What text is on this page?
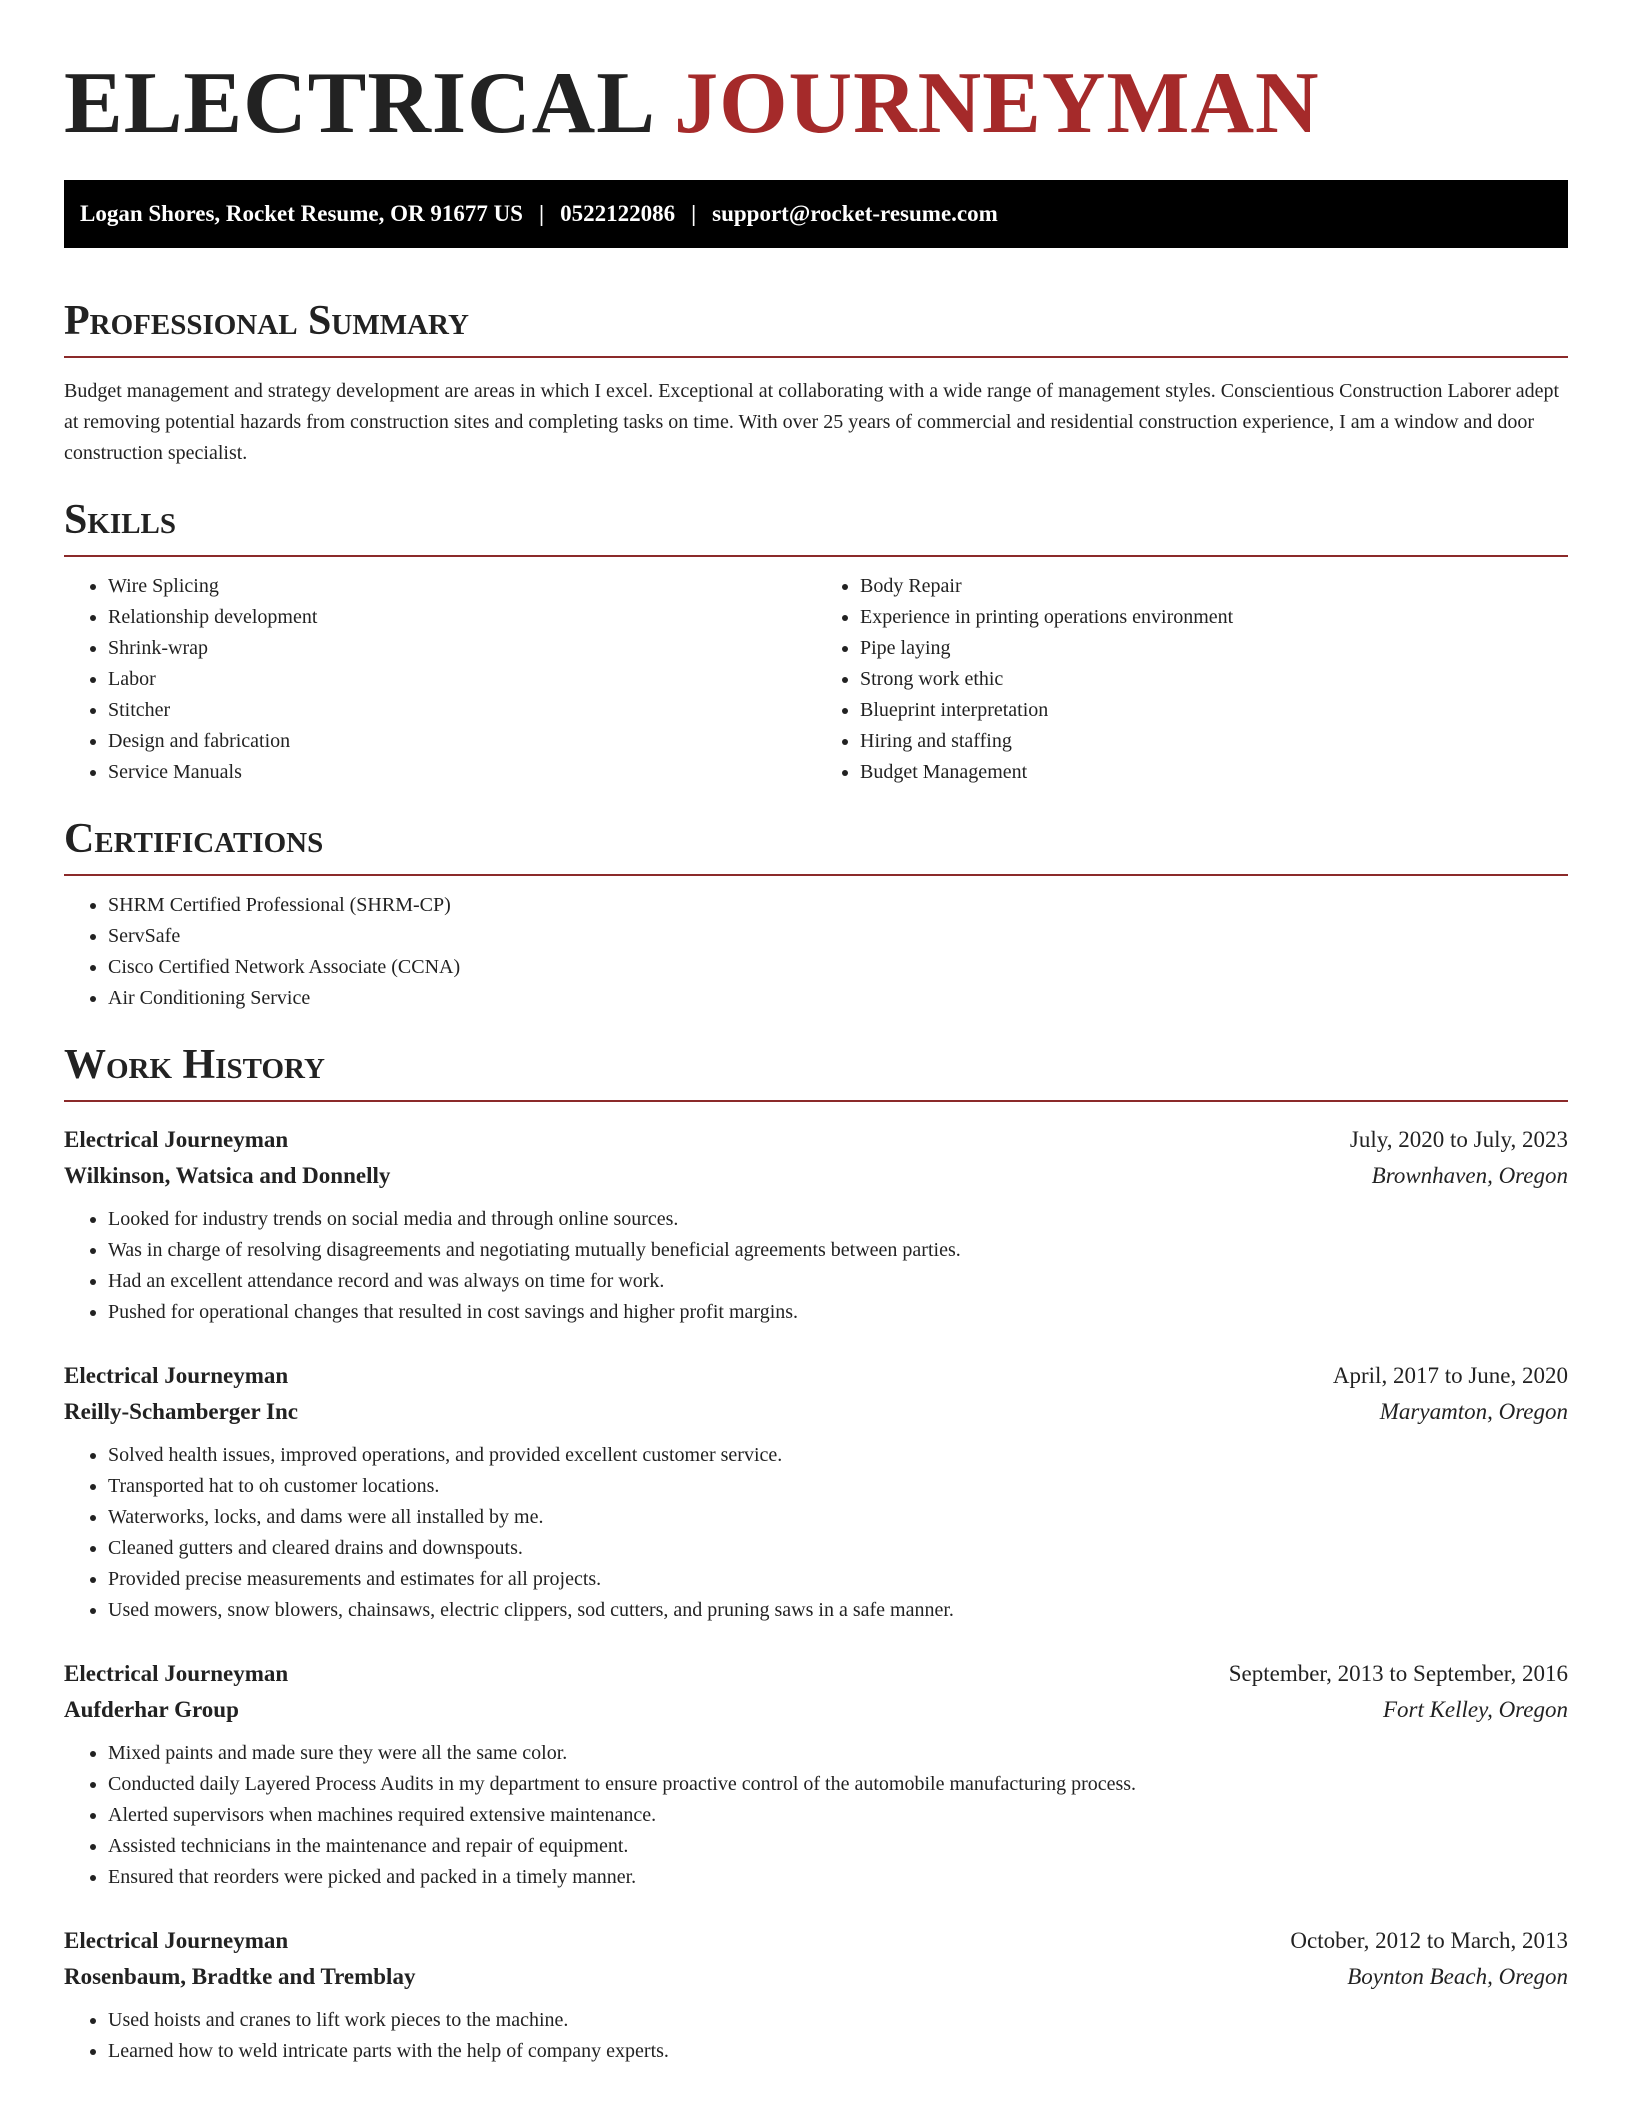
ELECTRICAL JOURNEYMAN
Logan Shores, Rocket Resume, OR 91677 US | 0522122086 | support@rocket-resume.com
Professional Summary
Budget management and strategy development are areas in which I excel. Exceptional at collaborating with a wide range of management styles. Conscientious Construction Laborer adept at removing potential hazards from construction sites and completing tasks on time. With over 25 years of commercial and residential construction experience, I am a window and door construction specialist.
Skills
• Wire Splicing
• Relationship development
• Shrink-wrap
• Labor
• Stitcher
• Design and fabrication
• Service Manuals
• Body Repair
• Experience in printing operations environment
• Pipe laying
• Strong work ethic
• Blueprint interpretation
• Hiring and staffing
• Budget Management
Certifications
• SHRM Certified Professional (SHRM-CP)
• ServSafe
• Cisco Certified Network Associate (CCNA)
• Air Conditioning Service
Work History
Electrical Journeyman	July, 2020 to July, 2023
Wilkinson, Watsica and Donnelly	Brownhaven, Oregon
• Looked for industry trends on social media and through online sources.
• Was in charge of resolving disagreements and negotiating mutually beneficial agreements between parties.
• Had an excellent attendance record and was always on time for work.
• Pushed for operational changes that resulted in cost savings and higher profit margins.
Electrical Journeyman	April, 2017 to June, 2020
Reilly-Schamberger Inc	Maryamton, Oregon
• Solved health issues, improved operations, and provided excellent customer service.
• Transported hat to oh customer locations.
• Waterworks, locks, and dams were all installed by me.
• Cleaned gutters and cleared drains and downspouts.
• Provided precise measurements and estimates for all projects.
• Used mowers, snow blowers, chainsaws, electric clippers, sod cutters, and pruning saws in a safe manner.
Electrical Journeyman	September, 2013 to September, 2016
Aufderhar Group	Fort Kelley, Oregon
• Mixed paints and made sure they were all the same color.
• Conducted daily Layered Process Audits in my department to ensure proactive control of the automobile manufacturing process.
• Alerted supervisors when machines required extensive maintenance.
• Assisted technicians in the maintenance and repair of equipment.
• Ensured that reorders were picked and packed in a timely manner.
Electrical Journeyman	October, 2012 to March, 2013
Rosenbaum, Bradtke and Tremblay	Boynton Beach, Oregon
• Used hoists and cranes to lift work pieces to the machine.
• Learned how to weld intricate parts with the help of company experts.
